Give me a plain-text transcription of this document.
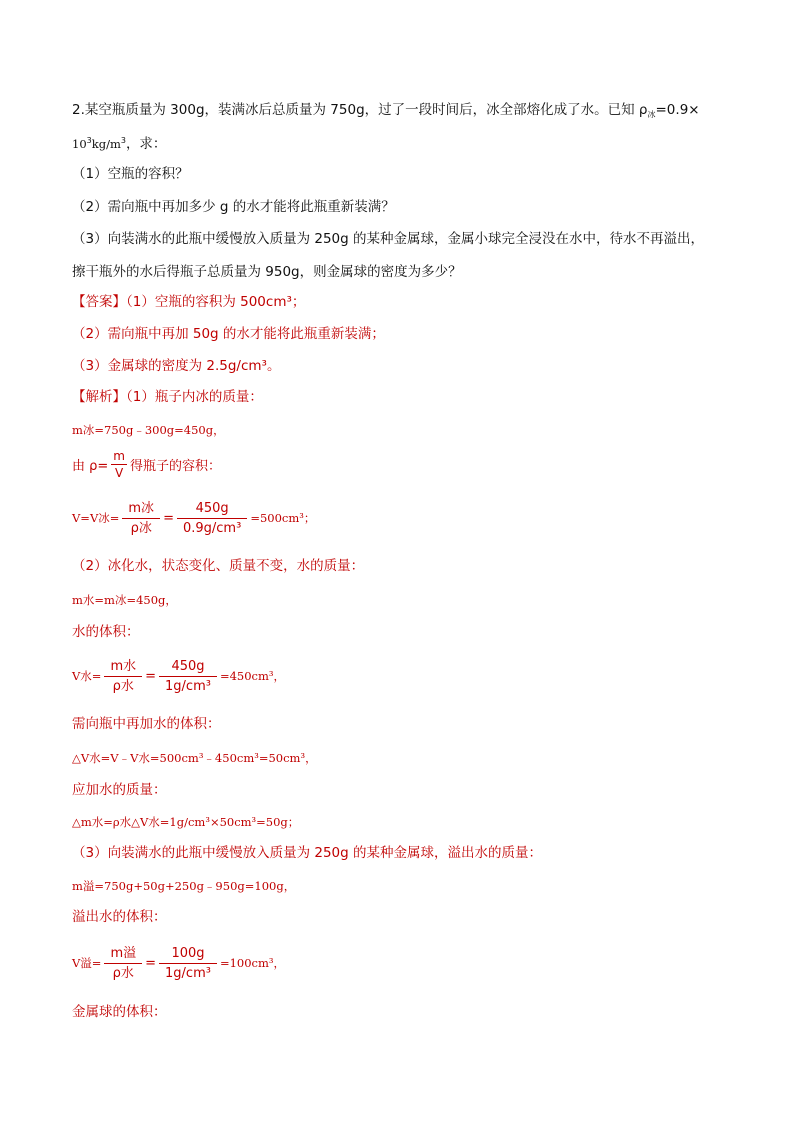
2.某空瓶质量为 300g，装满冰后总质量为 750g，过了一段时间后，冰全部熔化成了水。已知 $\rho_冰=0.9\times$
$10^3kg/m^3$，求：
（1）空瓶的容积？
（2）需向瓶中再加多少 g 的水才能将此瓶重新装满？
（3）向装满水的此瓶中缓慢放入质量为 250g 的某种金属球，金属小球完全浸没在水中，待水不再溢出，
擦干瓶外的水后得瓶子总质量为 950g，则金属球的密度为多少？
【答案】（1）空瓶的容积为 500cm³；
（2）需向瓶中再加 50g 的水才能将此瓶重新装满；
（3）金属球的密度为 2.5g/cm³。
【解析】（1）瓶子内冰的质量：
m冰=750g﹣300g=450g，
由 $\rho= \frac{m}{V}$ 得瓶子的容积：
V=V冰= $\frac{\text{m冰}}{\text{ρ冰}} = \frac{450g}{\text{0.9g/cm³}} =500cm^3$；
（2）冰化水，状态变化、质量不变，水的质量：
m水=m冰=450g，
水的体积：
V水= $\frac{\text{m水}}{\text{ρ水}} = \frac{450g}{\text{1g/cm³}} =450cm^3$，
需向瓶中再加水的体积：
△V水=V﹣V水=500cm³﹣450cm³=50cm³，
应加水的质量：
△m水=ρ水△V水=1g/cm³×50cm³=50g；
（3）向装满水的此瓶中缓慢放入质量为 250g 的某种金属球，溢出水的质量：
m溢=750g+50g+250g﹣950g=100g，
溢出水的体积：
V溢= $\frac{\text{m溢}}{\text{ρ水}} = \frac{100g}{\text{1g/cm³}} =100cm^3$，
金属球的体积：
